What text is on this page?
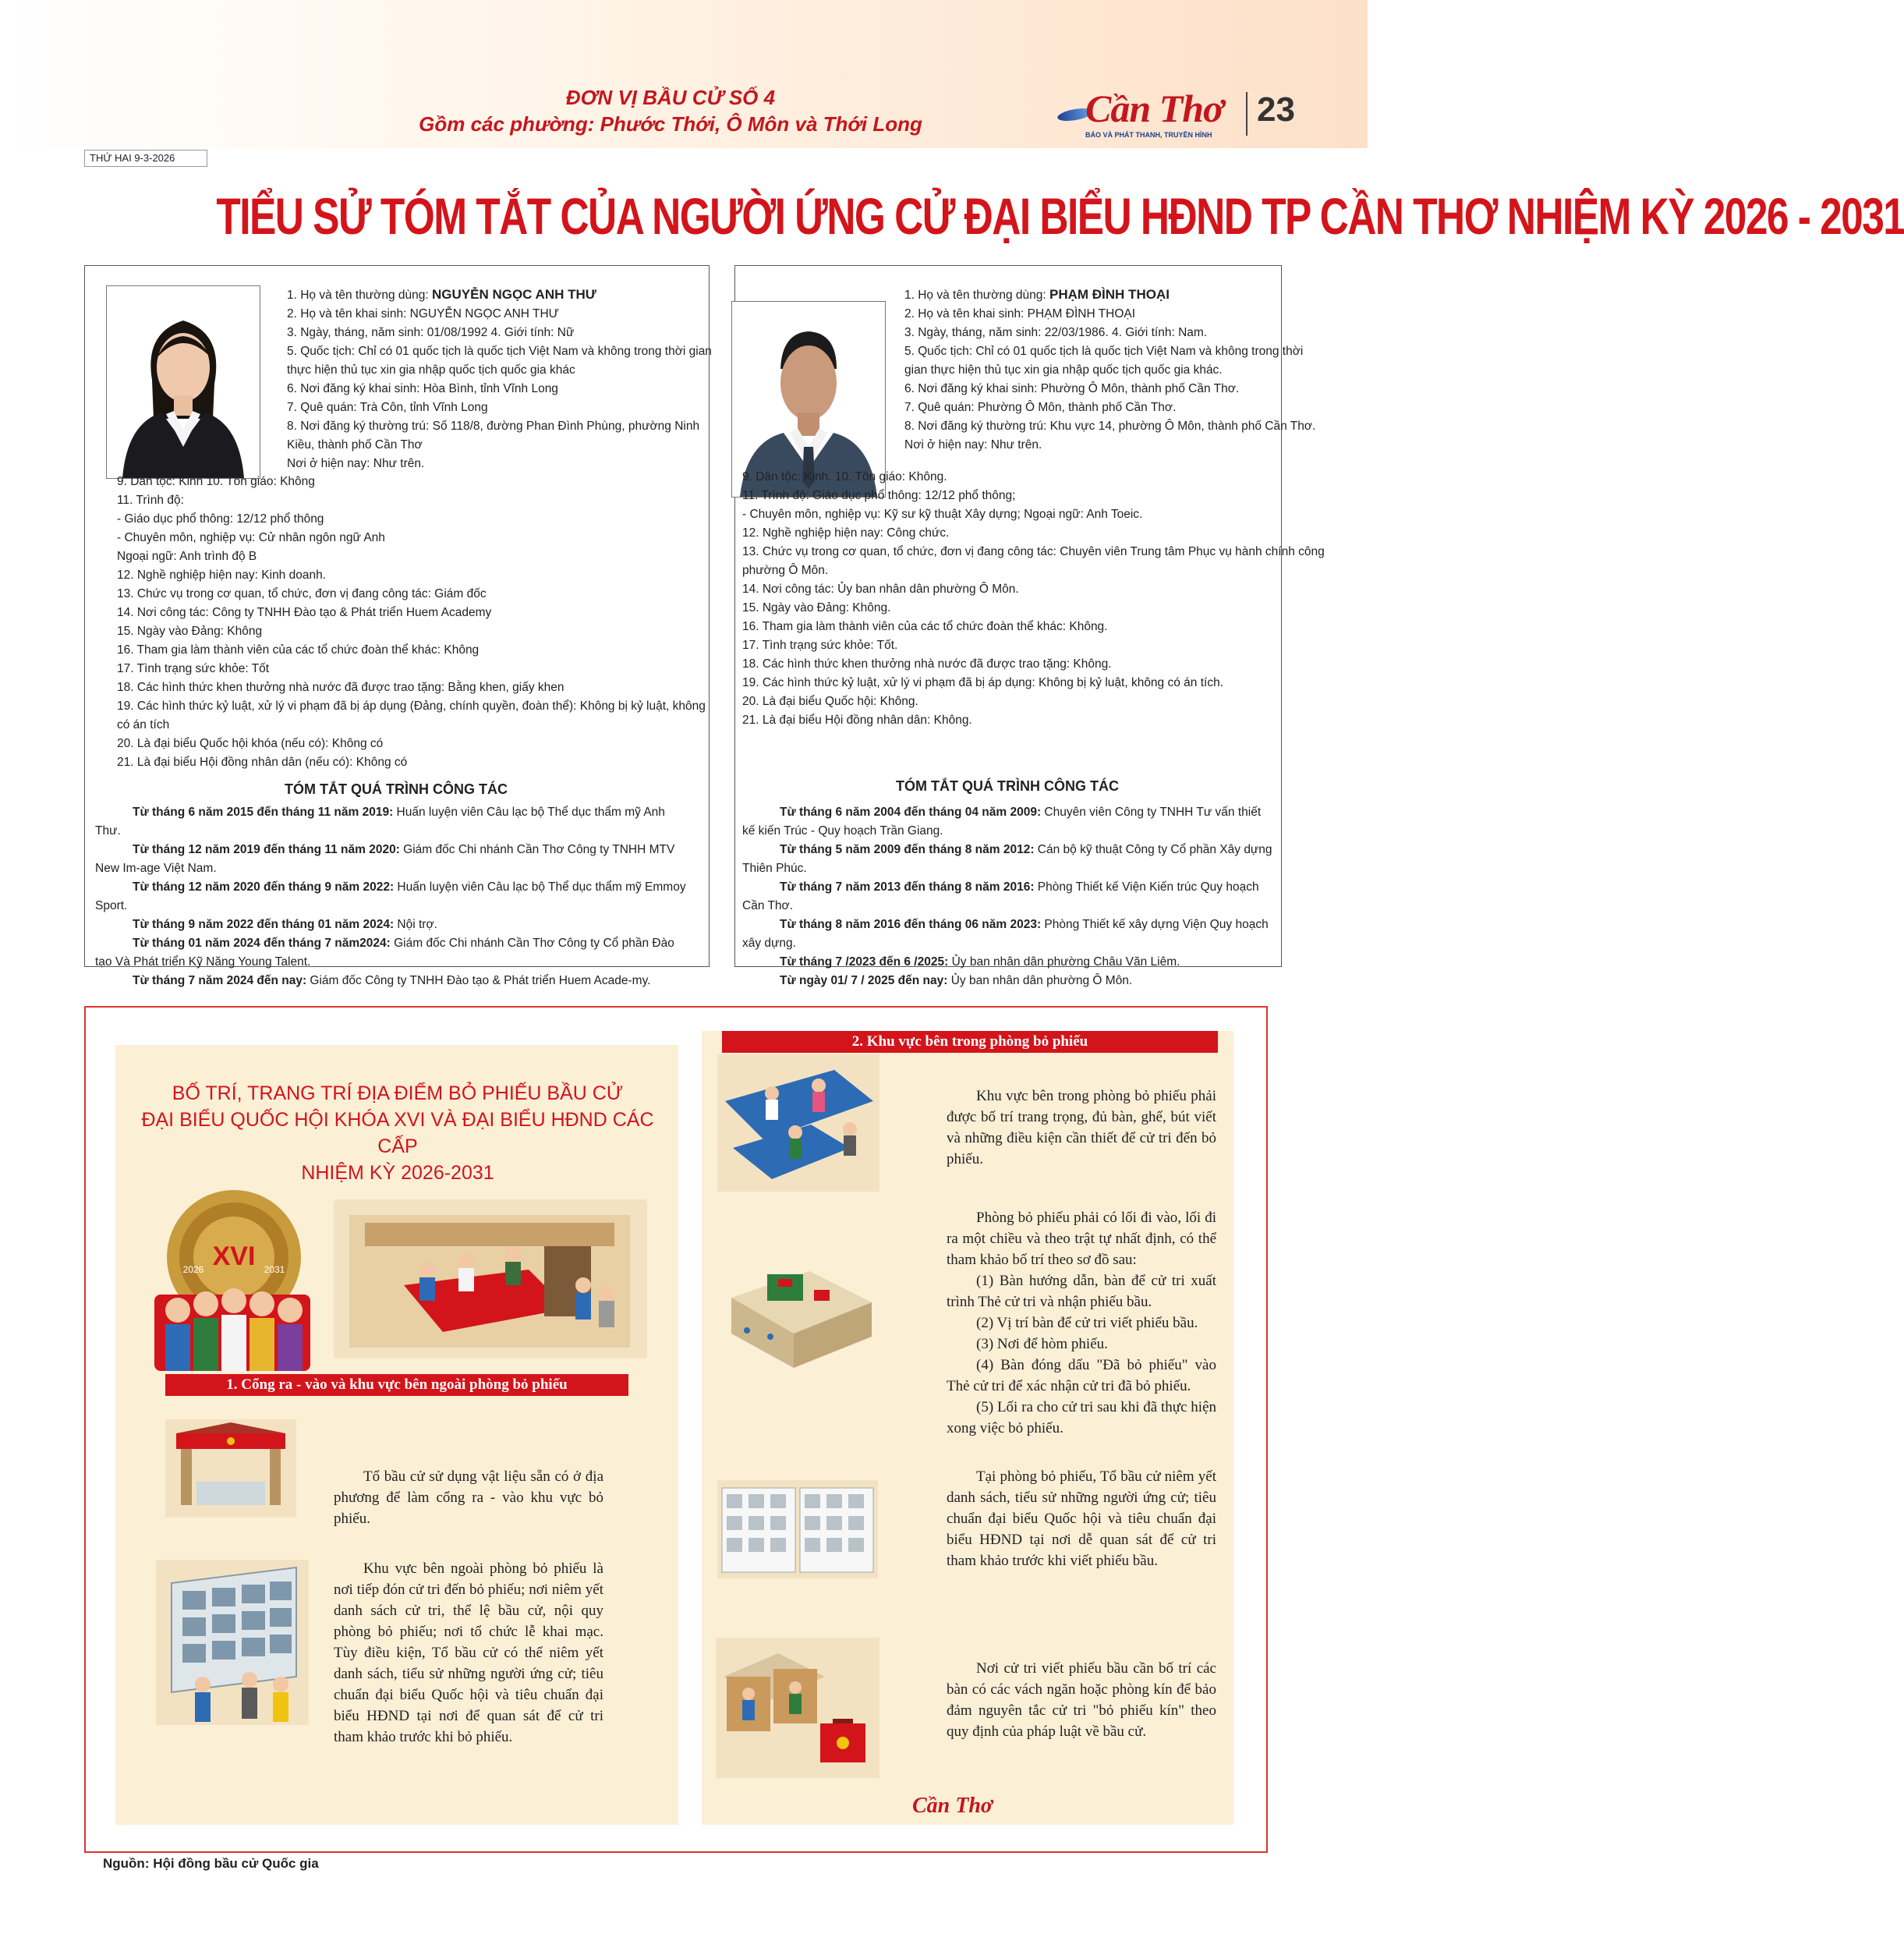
ĐƠN VỊ BẦU CỬ SỐ 4
Gồm các phường: Phước Thới, Ô Môn và Thới Long	Cần Thơ
BÁO VÀ PHÁT THANH, TRUYỀN HÌNH
23
THỨ HAI 9-3-2026
TIỂU SỬ TÓM TẮT CỦA NGƯỜI ỨNG CỬ ĐẠI BIỂU HĐND TP CẦN THƠ NHIỆM KỲ 2026 - 2031
1. Họ và tên thường dùng: NGUYỄN NGỌC ANH THƯ
2. Họ và tên khai sinh: NGUYỄN NGỌC ANH THƯ
3. Ngày, tháng, năm sinh: 01/08/1992 4. Giới tính: Nữ
5. Quốc tịch: Chỉ có 01 quốc tịch là quốc tịch Việt Nam và không trong thời gian
thực hiện thủ tục xin gia nhập quốc tịch quốc gia khác
6. Nơi đăng ký khai sinh: Hòa Bình, tỉnh Vĩnh Long
7. Quê quán: Trà Côn, tỉnh Vĩnh Long
8. Nơi đăng ký thường trú: Số 118/8, đường Phan Đình Phùng, phường Ninh
Kiều, thành phố Cần Thơ
Nơi ở hiện nay: Như trên.
9. Dân tộc: Kinh 10. Tôn giáo: Không
11. Trình độ:
- Giáo dục phổ thông: 12/12 phổ thông
- Chuyên môn, nghiệp vụ: Cử nhân ngôn ngữ Anh
Ngoại ngữ: Anh trình độ B
12. Nghề nghiệp hiện nay: Kinh doanh.
13. Chức vụ trong cơ quan, tổ chức, đơn vị đang công tác: Giám đốc
14. Nơi công tác: Công ty TNHH Đào tạo & Phát triển Huem Academy
15. Ngày vào Đảng: Không
16. Tham gia làm thành viên của các tổ chức đoàn thể khác: Không
17. Tình trạng sức khỏe: Tốt
18. Các hình thức khen thưởng nhà nước đã được trao tặng: Bằng khen, giấy khen
19. Các hình thức kỷ luật, xử lý vi phạm đã bị áp dụng (Đảng, chính quyền, đoàn thể): Không bị kỷ luật, không
có án tích
20. Là đại biểu Quốc hội khóa (nếu có): Không có
21. Là đại biểu Hội đồng nhân dân (nếu có): Không có
TÓM TẮT QUÁ TRÌNH CÔNG TÁC
Từ tháng 6 năm 2015 đến tháng 11 năm 2019: Huấn luyện viên Câu lạc bộ Thể dục thẩm mỹ Anh Thư.
Từ tháng 12 năm 2019 đến tháng 11 năm 2020: Giám đốc Chi nhánh Cần Thơ Công ty TNHH MTV New Im-age Việt Nam.
Từ tháng 12 năm 2020 đến tháng 9 năm 2022: Huấn luyện viên Câu lạc bộ Thể dục thẩm mỹ Emmoy Sport.
Từ tháng 9 năm 2022 đến tháng 01 năm 2024: Nội trợ.
Từ tháng 01 năm 2024 đến tháng 7 năm2024: Giám đốc Chi nhánh Cần Thơ Công ty Cổ phần Đào tạo Và Phát triển Kỹ Năng Young Talent.
Từ tháng 7 năm 2024 đến nay: Giám đốc Công ty TNHH Đào tạo & Phát triển Huem Acade-my.
1. Họ và tên thường dùng: PHẠM ĐÌNH THOẠI
2. Họ và tên khai sinh: PHẠM ĐÌNH THOẠI
3. Ngày, tháng, năm sinh: 22/03/1986. 4. Giới tính: Nam.
5. Quốc tịch: Chỉ có 01 quốc tịch là quốc tịch Việt Nam và không trong thời
gian thực hiện thủ tục xin gia nhập quốc tịch quốc gia khác.
6. Nơi đăng ký khai sinh: Phường Ô Môn, thành phố Cần Thơ.
7. Quê quán: Phường Ô Môn, thành phố Cần Thơ.
8. Nơi đăng ký thường trú: Khu vực 14, phường Ô Môn, thành phố Cần Thơ.
Nơi ở hiện nay: Như trên.
9. Dân tộc: Kinh. 10. Tôn giáo: Không.
11. Trình độ: Giáo dục phổ thông: 12/12 phổ thông;
- Chuyên môn, nghiệp vụ: Kỹ sư kỹ thuật Xây dựng; Ngoại ngữ: Anh Toeic.
12. Nghề nghiệp hiện nay: Công chức.
13. Chức vụ trong cơ quan, tổ chức, đơn vị đang công tác: Chuyên viên Trung tâm Phục vụ hành chính công
phường Ô Môn.
14. Nơi công tác: Ủy ban nhân dân phường Ô Môn.
15. Ngày vào Đảng: Không.
16. Tham gia làm thành viên của các tổ chức đoàn thể khác: Không.
17. Tình trạng sức khỏe: Tốt.
18. Các hình thức khen thưởng nhà nước đã được trao tặng: Không.
19. Các hình thức kỷ luật, xử lý vi phạm đã bị áp dụng: Không bị kỷ luật, không có án tích.
20. Là đại biểu Quốc hội: Không.
21. Là đại biểu Hội đồng nhân dân: Không.
TÓM TẮT QUÁ TRÌNH CÔNG TÁC
Từ tháng 6 năm 2004 đến tháng 04 năm 2009: Chuyên viên Công ty TNHH Tư vấn thiết kế kiến Trúc - Quy hoạch Trần Giang.
Từ tháng 5 năm 2009 đến tháng 8 năm 2012: Cán bộ kỹ thuật Công ty Cổ phần Xây dựng Thiên Phúc.
Từ tháng 7 năm 2013 đến tháng 8 năm 2016: Phòng Thiết kế Viện Kiến trúc Quy hoạch Cần Thơ.
Từ tháng 8 năm 2016 đến tháng 06 năm 2023: Phòng Thiết kế xây dựng Viện Quy hoạch xây dựng.
Từ tháng 7 /2023 đến 6 /2025: Ủy ban nhân dân phường Châu Văn Liêm.
Từ ngày 01/ 7 / 2025 đến nay: Ủy ban nhân dân phường Ô Môn.
BỐ TRÍ, TRANG TRÍ ĐỊA ĐIỂM BỎ PHIẾU BẦU CỬ
ĐẠI BIỂU QUỐC HỘI KHÓA XVI VÀ ĐẠI BIỂU HĐND CÁC CẤP
NHIỆM KỲ 2026-2031
XVI
2026	2031
1. Cổng ra - vào và khu vực bên ngoài phòng bỏ phiếu

Tổ bầu cử sử dụng vật liệu sẵn có ở địa phương để làm cổng ra - vào khu vực bỏ phiếu.

Khu vực bên ngoài phòng bỏ phiếu là nơi tiếp đón cử tri đến bỏ phiếu; nơi niêm yết danh sách cử tri, thể lệ bầu cử, nội quy phòng bỏ phiếu; nơi tổ chức lễ khai mạc. Tùy điều kiện, Tổ bầu cử có thể niêm yết danh sách, tiểu sử những người ứng cử; tiêu chuẩn đại biểu Quốc hội và tiêu chuẩn đại biểu HĐND tại nơi để quan sát để cử tri tham khảo trước khi bỏ phiếu.

2. Khu vực bên trong phòng bỏ phiếu

Khu vực bên trong phòng bỏ phiếu phải được bố trí trang trọng, đủ bàn, ghế, bút viết và những điều kiện cần thiết để cử tri đến bỏ phiếu.

Phòng bỏ phiếu phải có lối đi vào, lối đi ra một chiều và theo trật tự nhất định, có thể tham khảo bố trí theo sơ đồ sau:

(1) Bàn hướng dẫn, bàn để cử tri xuất trình Thẻ cử tri và nhận phiếu bầu.

(2) Vị trí bàn để cử tri viết phiếu bầu.

(3) Nơi để hòm phiếu.

(4) Bàn đóng dấu "Đã bỏ phiếu" vào Thẻ cử tri để xác nhận cử tri đã bỏ phiếu.

(5) Lối ra cho cử tri sau khi đã thực hiện xong việc bỏ phiếu.

Tại phòng bỏ phiếu, Tổ bầu cử niêm yết danh sách, tiểu sử những người ứng cử; tiêu chuẩn đại biểu Quốc hội và tiêu chuẩn đại biểu HĐND tại nơi dễ quan sát để cử tri tham khảo trước khi viết phiếu bầu.

Nơi cử tri viết phiếu bầu cần bố trí các bàn có các vách ngăn hoặc phòng kín để bảo đảm nguyên tắc cử tri "bỏ phiếu kín" theo quy định của pháp luật về bầu cử.

Cần Thơ
Nguồn: Hội đồng bầu cử Quốc gia
